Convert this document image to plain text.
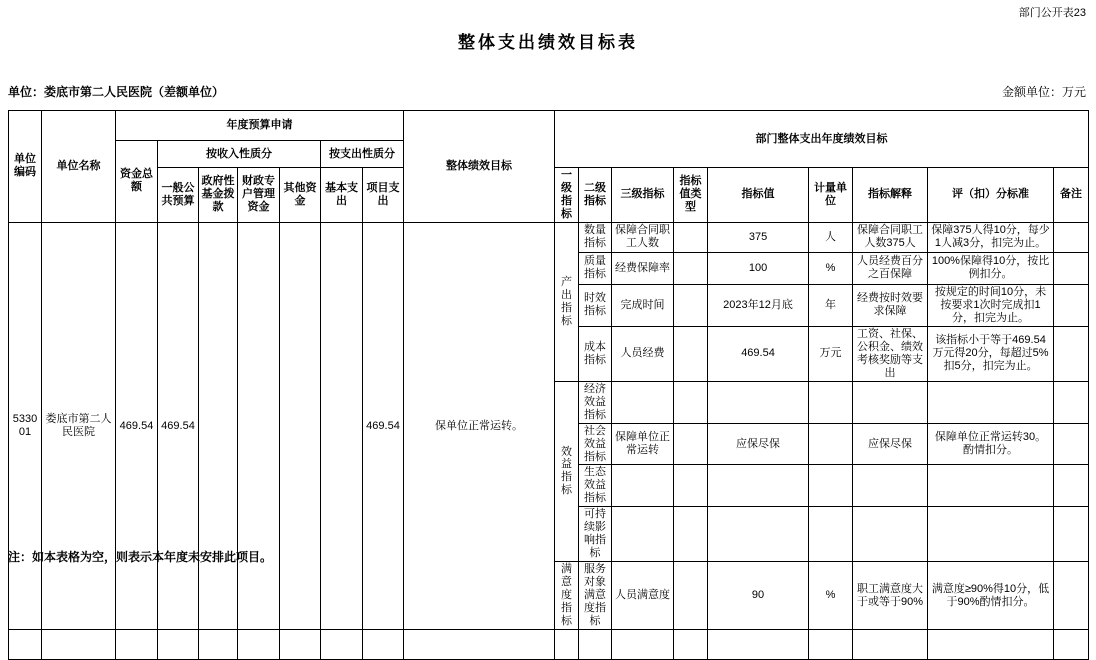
部门公开表23
整体支出绩效目标表
金额单位：万元
单位：娄底市第二人民医院（差额单位）
单位编码	单位名称	年度预算申请							整体绩效目标	部门整体支出年度绩效目标								
		资金总额	按收入性质分				按支出性质分											
			一般公共预算	政府性基金拨款	财政专户管理资金	其他资金	基本支出	项目支出		一级指标	二级指标	三级指标	指标值类型	指标值	计量单位	指标解释	评（扣）分标准	备注
533001	娄底市第二人民医院	469.54	469.54					469.54	保单位正常运转。	产出指标	数量指标	保障合同职工人数		375	人	保障合同职工人数375人	保障375人得10分，每少1人减3分，扣完为止。	
											质量指标	经费保障率		100	%	人员经费百分之百保障	100%保障得10分，按比例扣分。	
											时效指标	完成时间		2023年12月底	年	经费按时效要求保障	按规定的时间10分，未按要求1次时完成扣1分，扣完为止。	
											成本指标	人员经费		469.54	万元	工资、社保、公积金、绩效考核奖励等支出	该指标小于等于469.54万元得20分，每超过5%扣5分，扣完为止。	
										效益指标	经济效益指标							
											社会效益指标	保障单位正常运转		应保尽保		应保尽保	保障单位正常运转30。酌情扣分。	
											生态效益指标							
											可持续影响指标							
										满意度指标	服务对象满意度指标	人员满意度		90	%	职工满意度大于或等于90%	满意度≥90%得10分，低于90%酌情扣分。	

注：如本表格为空，则表示本年度未安排此项目。
